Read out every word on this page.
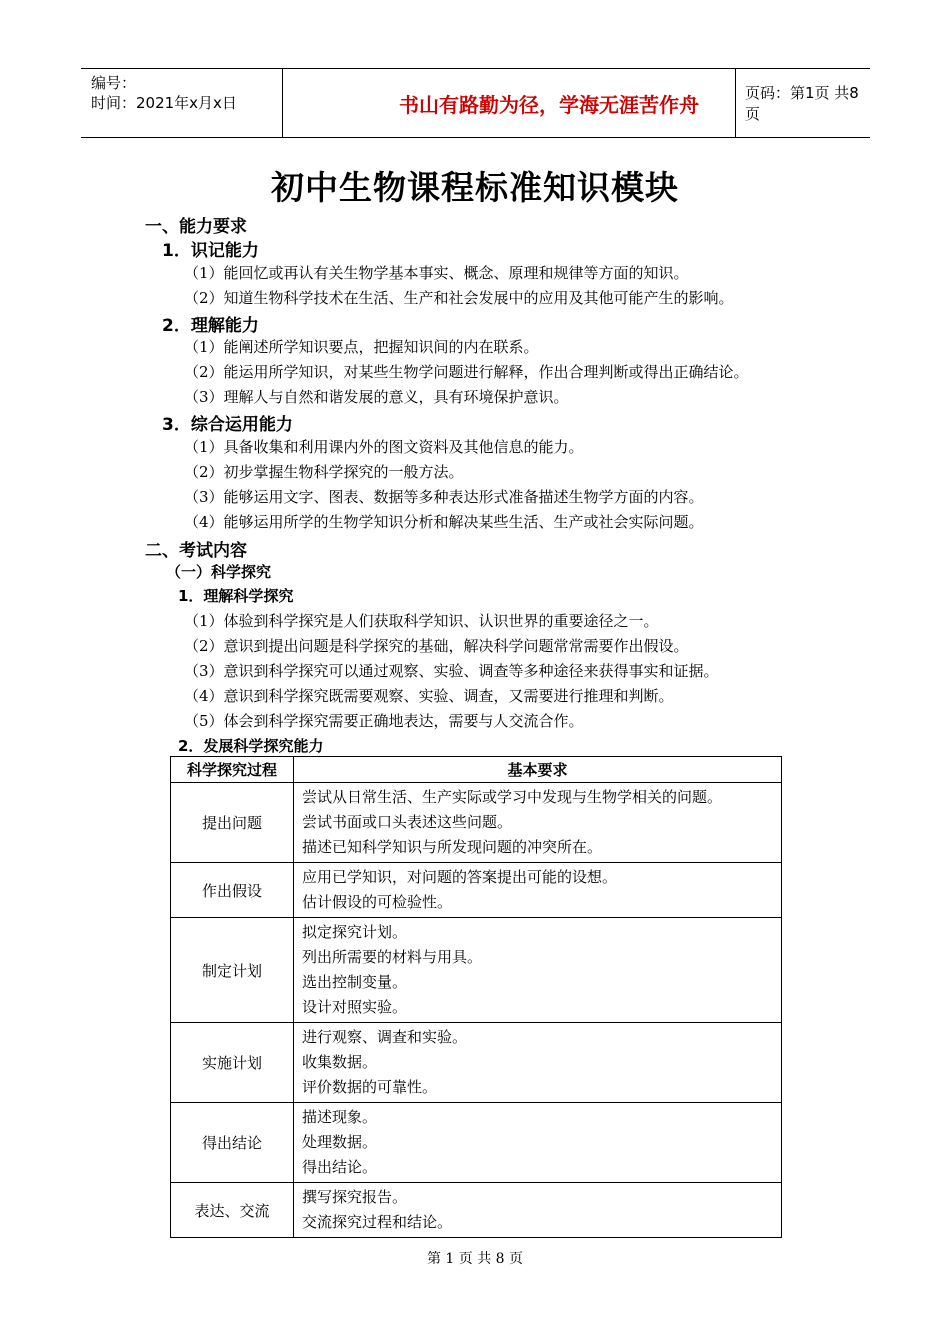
编号：
时间：2021年x月x日	书山有路勤为径，学海无涯苦作舟	页码：第1页 共8页
初中生物课程标准知识模块
一、能力要求
1．识记能力
（1）能回忆或再认有关生物学基本事实、概念、原理和规律等方面的知识。
（2）知道生物科学技术在生活、生产和社会发展中的应用及其他可能产生的影响。
2．理解能力
（1）能阐述所学知识要点，把握知识间的内在联系。
（2）能运用所学知识，对某些生物学问题进行解释，作出合理判断或得出正确结论。
（3）理解人与自然和谐发展的意义，具有环境保护意识。
3．综合运用能力
（1）具备收集和利用课内外的图文资料及其他信息的能力。
（2）初步掌握生物科学探究的一般方法。
（3）能够运用文字、图表、数据等多种表达形式准备描述生物学方面的内容。
（4）能够运用所学的生物学知识分析和解决某些生活、生产或社会实际问题。
二、考试内容
（一）科学探究
1．理解科学探究
（1）体验到科学探究是人们获取科学知识、认识世界的重要途径之一。
（2）意识到提出问题是科学探究的基础，解决科学问题常常需要作出假设。
（3）意识到科学探究可以通过观察、实验、调查等多种途径来获得事实和证据。
（4）意识到科学探究既需要观察、实验、调查，又需要进行推理和判断。
（5）体会到科学探究需要正确地表达，需要与人交流合作。
2．发展科学探究能力
科学探究过程	基本要求
提出问题	尝试从日常生活、生产实际或学习中发现与生物学相关的问题。
尝试书面或口头表述这些问题。
描述已知科学知识与所发现问题的冲突所在。

作出假设	应用已学知识，对问题的答案提出可能的设想。
估计假设的可检验性。

制定计划	拟定探究计划。
列出所需要的材料与用具。
选出控制变量。
设计对照实验。

实施计划	进行观察、调查和实验。
收集数据。
评价数据的可靠性。

得出结论	描述现象。
处理数据。
得出结论。

表达、交流	撰写探究报告。
交流探究过程和结论。
第 1 页 共 8 页
